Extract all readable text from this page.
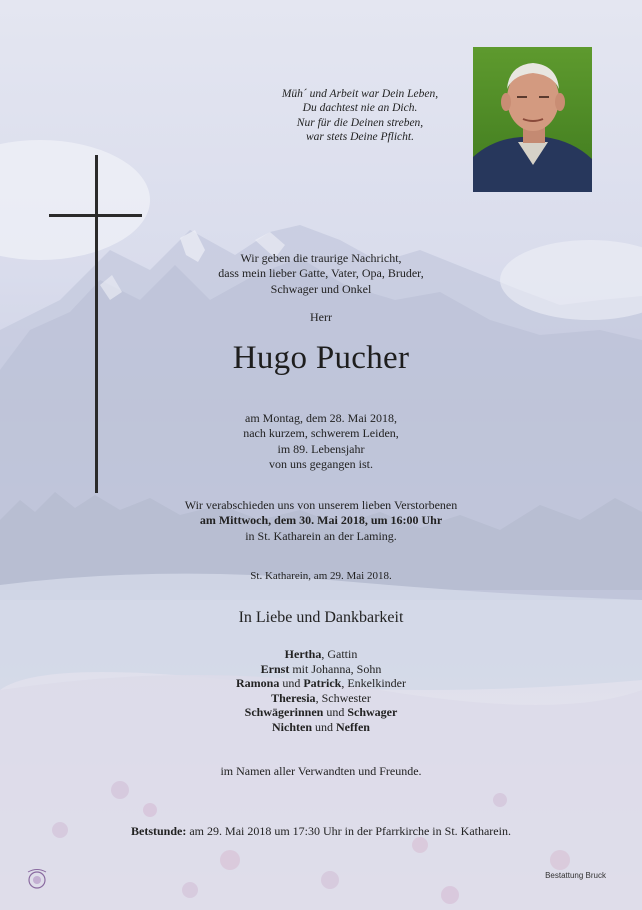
Müh´ und Arbeit war Dein Leben,
Du dachtest nie an Dich.
Nur für die Deinen streben,
war stets Deine Pflicht.
Wir geben die traurige Nachricht,
dass mein lieber Gatte, Vater, Opa, Bruder,
Schwager und Onkel
Herr
Hugo Pucher
am Montag, dem 28. Mai 2018,
nach kurzem, schwerem Leiden,
im 89. Lebensjahr
von uns gegangen ist.
Wir verabschieden uns von unserem lieben Verstorbenen
am Mittwoch, dem 30. Mai 2018, um 16:00 Uhr
in St. Katharein an der Laming.
St. Katharein, am 29. Mai 2018.
In Liebe und Dankbarkeit
Hertha, Gattin
Ernst mit Johanna, Sohn
Ramona und Patrick, Enkelkinder
Theresia, Schwester
Schwägerinnen und Schwager
Nichten und Neffen
im Namen aller Verwandten und Freunde.
Betstunde: am 29. Mai 2018 um 17:30 Uhr in der Pfarrkirche in St. Katharein.
Bestattung Bruck
